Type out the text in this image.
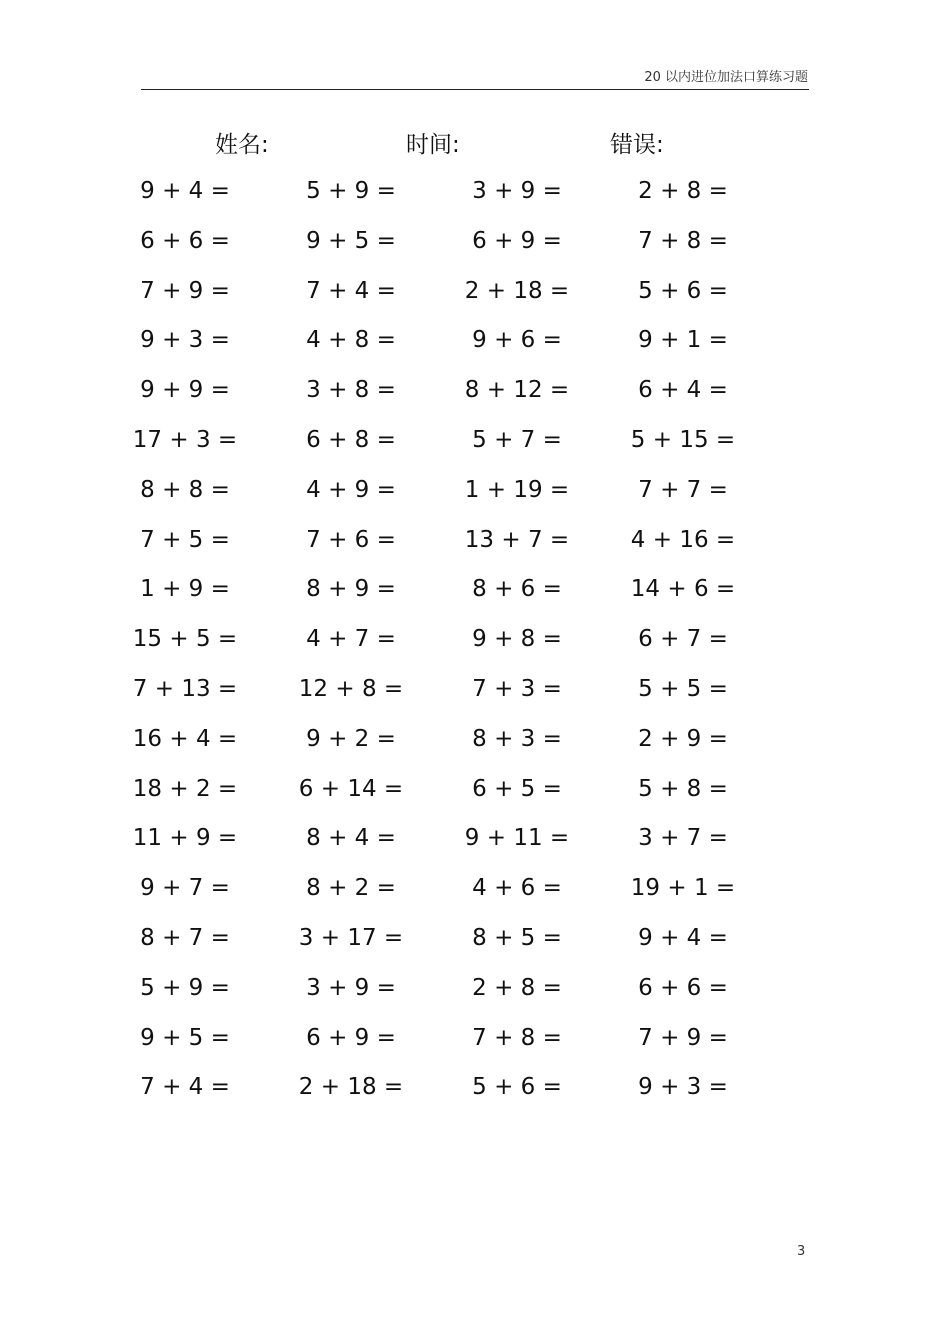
20 以内进位加法口算练习题
姓名:	时间:	错误:
9 + 4 =	5 + 9 =	3 + 9 =	2 + 8 =
6 + 6 =	9 + 5 =	6 + 9 =	7 + 8 =
7 + 9 =	7 + 4 =	2 + 18 =	5 + 6 =
9 + 3 =	4 + 8 =	9 + 6 =	9 + 1 =
9 + 9 =	3 + 8 =	8 + 12 =	6 + 4 =
17 + 3 =	6 + 8 =	5 + 7 =	5 + 15 =
8 + 8 =	4 + 9 =	1 + 19 =	7 + 7 =
7 + 5 =	7 + 6 =	13 + 7 =	4 + 16 =
1 + 9 =	8 + 9 =	8 + 6 =	14 + 6 =
15 + 5 =	4 + 7 =	9 + 8 =	6 + 7 =
7 + 13 =	12 + 8 =	7 + 3 =	5 + 5 =
16 + 4 =	9 + 2 =	8 + 3 =	2 + 9 =
18 + 2 =	6 + 14 =	6 + 5 =	5 + 8 =
11 + 9 =	8 + 4 =	9 + 11 =	3 + 7 =
9 + 7 =	8 + 2 =	4 + 6 =	19 + 1 =
8 + 7 =	3 + 17 =	8 + 5 =	9 + 4 =
5 + 9 =	3 + 9 =	2 + 8 =	6 + 6 =
9 + 5 =	6 + 9 =	7 + 8 =	7 + 9 =
7 + 4 =	2 + 18 =	5 + 6 =	9 + 3 =
3
